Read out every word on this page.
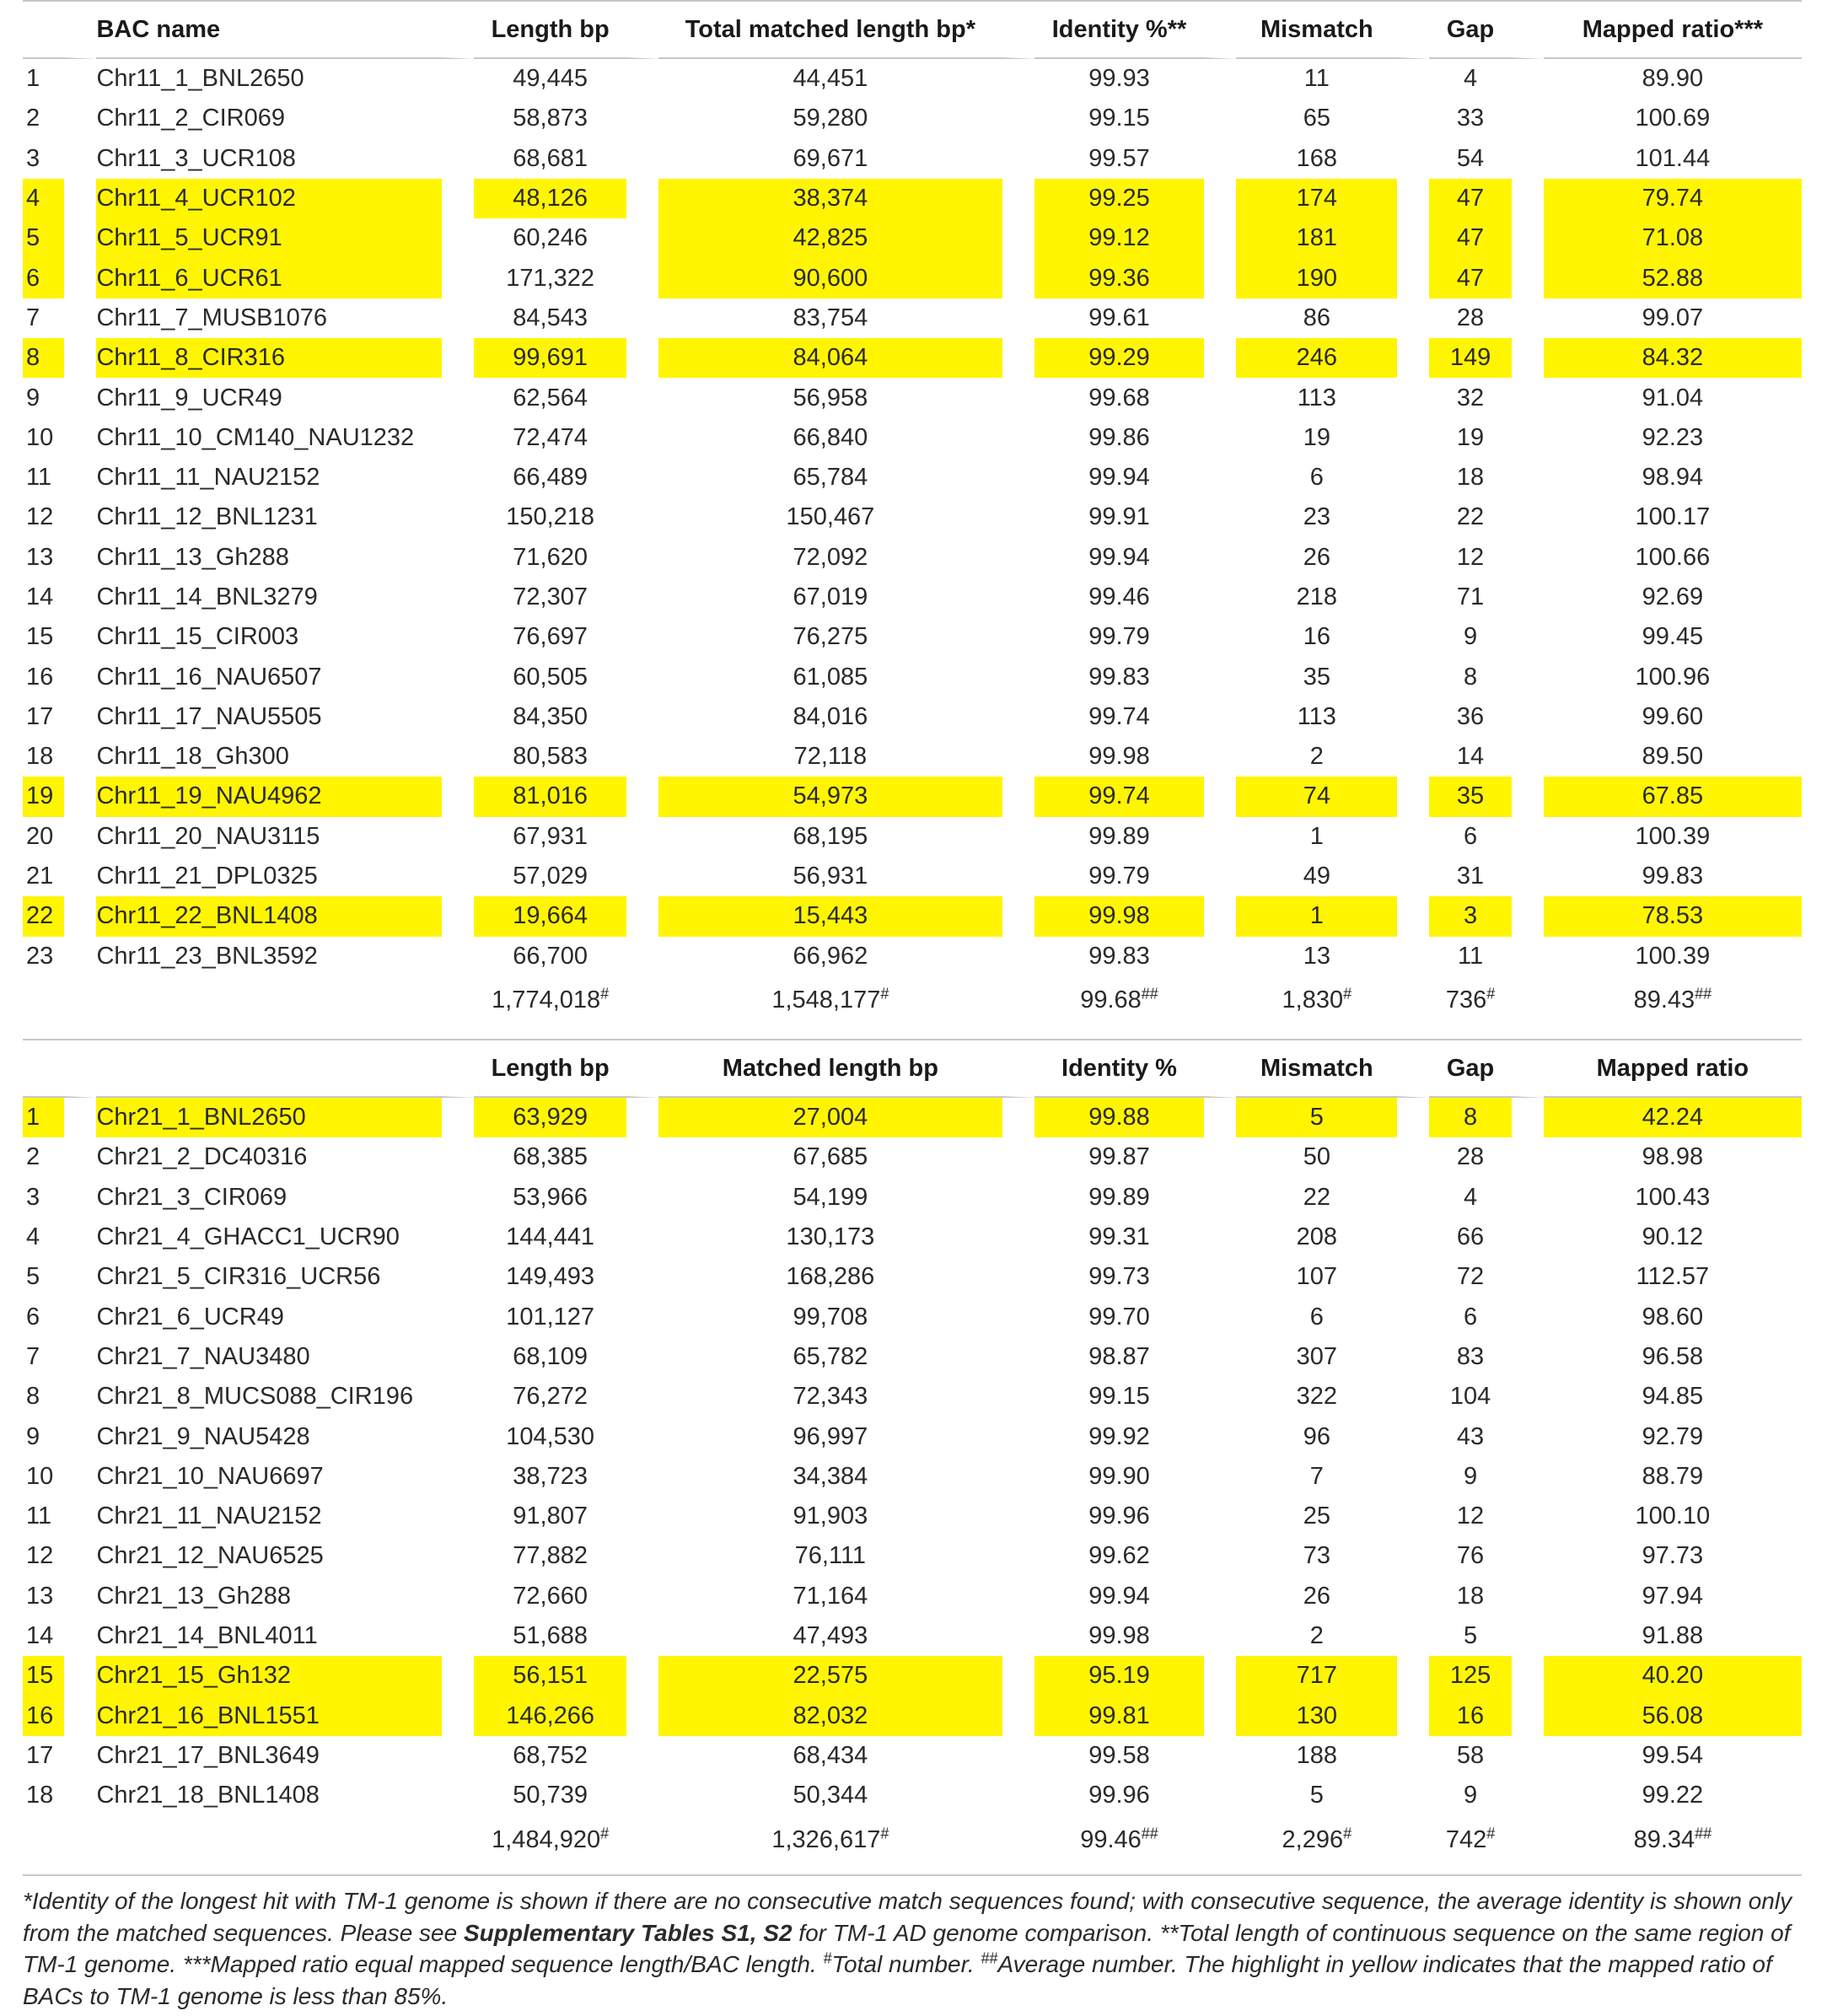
	BAC name	Length bp	Total matched length bp*	Identity %**	Mismatch	Gap	Mapped ratio***
1	Chr11_1_BNL2650	49,445	44,451	99.93	11	4	89.90
2	Chr11_2_CIR069	58,873	59,280	99.15	65	33	100.69
3	Chr11_3_UCR108	68,681	69,671	99.57	168	54	101.44
4	Chr11_4_UCR102	48,126	38,374	99.25	174	47	79.74
5	Chr11_5_UCR91	60,246	42,825	99.12	181	47	71.08
6	Chr11_6_UCR61	171,322	90,600	99.36	190	47	52.88
7	Chr11_7_MUSB1076	84,543	83,754	99.61	86	28	99.07
8	Chr11_8_CIR316	99,691	84,064	99.29	246	149	84.32
9	Chr11_9_UCR49	62,564	56,958	99.68	113	32	91.04
10	Chr11_10_CM140_NAU1232	72,474	66,840	99.86	19	19	92.23
11	Chr11_11_NAU2152	66,489	65,784	99.94	6	18	98.94
12	Chr11_12_BNL1231	150,218	150,467	99.91	23	22	100.17
13	Chr11_13_Gh288	71,620	72,092	99.94	26	12	100.66
14	Chr11_14_BNL3279	72,307	67,019	99.46	218	71	92.69
15	Chr11_15_CIR003	76,697	76,275	99.79	16	9	99.45
16	Chr11_16_NAU6507	60,505	61,085	99.83	35	8	100.96
17	Chr11_17_NAU5505	84,350	84,016	99.74	113	36	99.60
18	Chr11_18_Gh300	80,583	72,118	99.98	2	14	89.50
19	Chr11_19_NAU4962	81,016	54,973	99.74	74	35	67.85
20	Chr11_20_NAU3115	67,931	68,195	99.89	1	6	100.39
21	Chr11_21_DPL0325	57,029	56,931	99.79	49	31	99.83
22	Chr11_22_BNL1408	19,664	15,443	99.98	1	3	78.53
23	Chr11_23_BNL3592	66,700	66,962	99.83	13	11	100.39
		1,774,018#	1,548,177#	99.68##	1,830#	736#	89.43##
		Length bp	Matched length bp	Identity %	Mismatch	Gap	Mapped ratio
1	Chr21_1_BNL2650	63,929	27,004	99.88	5	8	42.24
2	Chr21_2_DC40316	68,385	67,685	99.87	50	28	98.98
3	Chr21_3_CIR069	53,966	54,199	99.89	22	4	100.43
4	Chr21_4_GHACC1_UCR90	144,441	130,173	99.31	208	66	90.12
5	Chr21_5_CIR316_UCR56	149,493	168,286	99.73	107	72	112.57
6	Chr21_6_UCR49	101,127	99,708	99.70	6	6	98.60
7	Chr21_7_NAU3480	68,109	65,782	98.87	307	83	96.58
8	Chr21_8_MUCS088_CIR196	76,272	72,343	99.15	322	104	94.85
9	Chr21_9_NAU5428	104,530	96,997	99.92	96	43	92.79
10	Chr21_10_NAU6697	38,723	34,384	99.90	7	9	88.79
11	Chr21_11_NAU2152	91,807	91,903	99.96	25	12	100.10
12	Chr21_12_NAU6525	77,882	76,111	99.62	73	76	97.73
13	Chr21_13_Gh288	72,660	71,164	99.94	26	18	97.94
14	Chr21_14_BNL4011	51,688	47,493	99.98	2	5	91.88
15	Chr21_15_Gh132	56,151	22,575	95.19	717	125	40.20
16	Chr21_16_BNL1551	146,266	82,032	99.81	130	16	56.08
17	Chr21_17_BNL3649	68,752	68,434	99.58	188	58	99.54
18	Chr21_18_BNL1408	50,739	50,344	99.96	5	9	99.22
		1,484,920#	1,326,617#	99.46##	2,296#	742#	89.34##
*Identity of the longest hit with TM-1 genome is shown if there are no consecutive match sequences found; with consecutive sequence, the average identity is shown only from the matched sequences. Please see Supplementary Tables S1, S2 for TM-1 AD genome comparison. **Total length of continuous sequence on the same region of TM-1 genome. ***Mapped ratio equal mapped sequence length/BAC length. #Total number. ##Average number. The highlight in yellow indicates that the mapped ratio of BACs to TM-1 genome is less than 85%.
